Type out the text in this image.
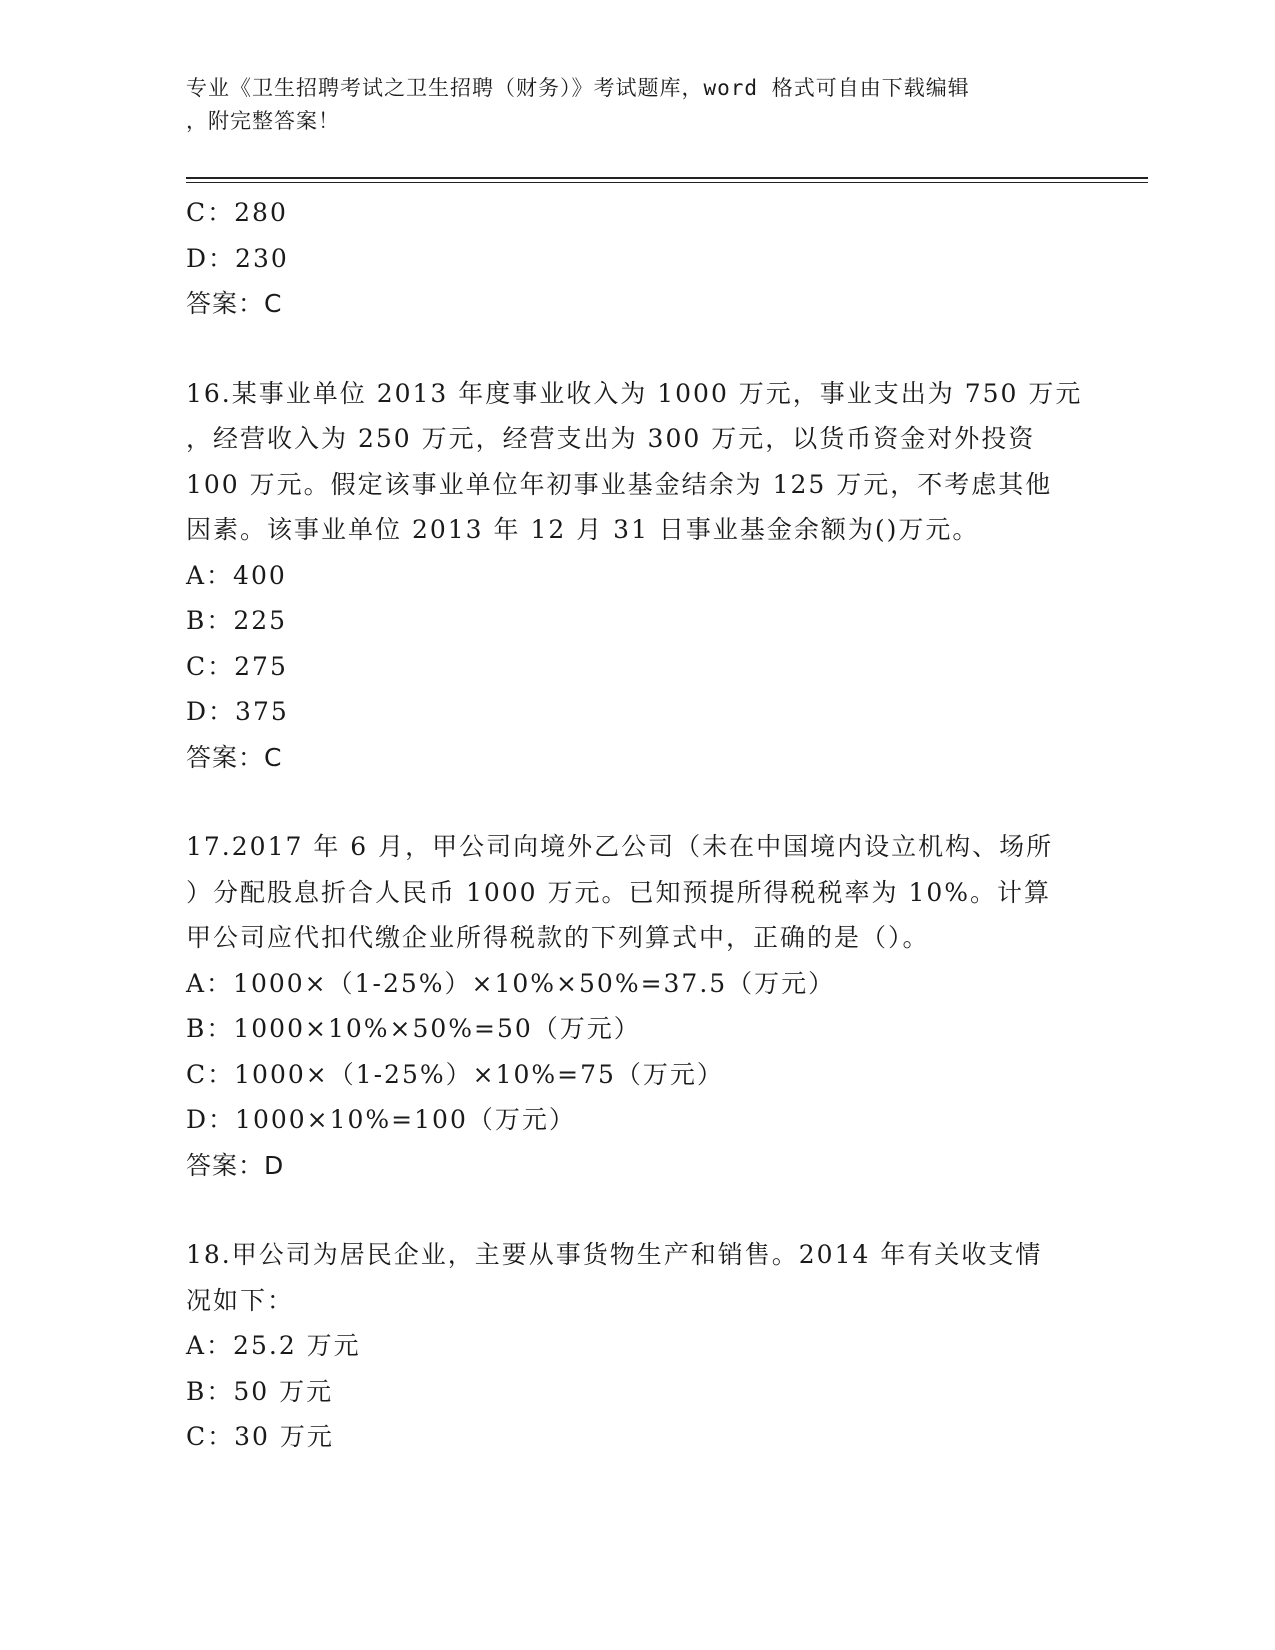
专业《卫生招聘考试之卫生招聘（财务）》考试题库，word 格式可自由下载编辑
，附完整答案！
C：280
D：230
答案：C
16.某事业单位 2013 年度事业收入为 1000 万元，事业支出为 750 万元
，经营收入为 250 万元，经营支出为 300 万元，以货币资金对外投资
100 万元。假定该事业单位年初事业基金结余为 125 万元，不考虑其他
因素。该事业单位 2013 年 12 月 31 日事业基金余额为()万元。
A：400
B：225
C：275
D：375
答案：C
17.2017 年 6 月，甲公司向境外乙公司（未在中国境内设立机构、场所
）分配股息折合人民币 1000 万元。已知预提所得税税率为 10%。计算
甲公司应代扣代缴企业所得税款的下列算式中，正确的是（）。
A：1000×（1-25%）×10%×50%=37.5（万元）
B：1000×10%×50%=50（万元）
C：1000×（1-25%）×10%=75（万元）
D：1000×10%=100（万元）
答案：D
18.甲公司为居民企业，主要从事货物生产和销售。2014 年有关收支情
况如下：
A：25.2 万元
B：50 万元
C：30 万元
